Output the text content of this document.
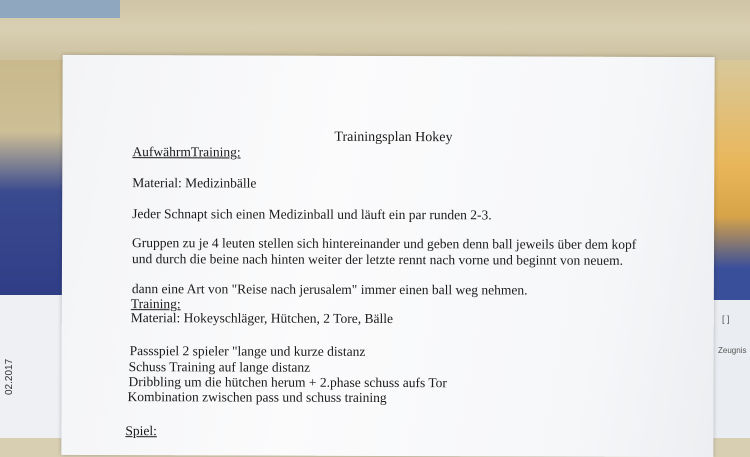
Zeugnis
[ ]
Trainingsplan Hokey
AufwährmTraining:
Material: Medizinbälle
Jeder Schnapt sich einen Medizinball und läuft ein par runden 2-3.
Gruppen zu je 4 leuten stellen sich hintereinander und geben denn ball jeweils über dem kopf
und durch die beine nach hinten weiter der letzte rennt nach vorne und beginnt von neuem.
dann eine Art von "Reise nach jerusalem" immer einen ball weg nehmen.
Training:
Material: Hokeyschläger, Hütchen, 2 Tore, Bälle
Passspiel 2 spieler "lange und kurze distanz
Schuss Training auf lange distanz
Dribbling um die hütchen herum + 2.phase schuss aufs Tor
Kombination zwischen pass und schuss training
Spiel:
